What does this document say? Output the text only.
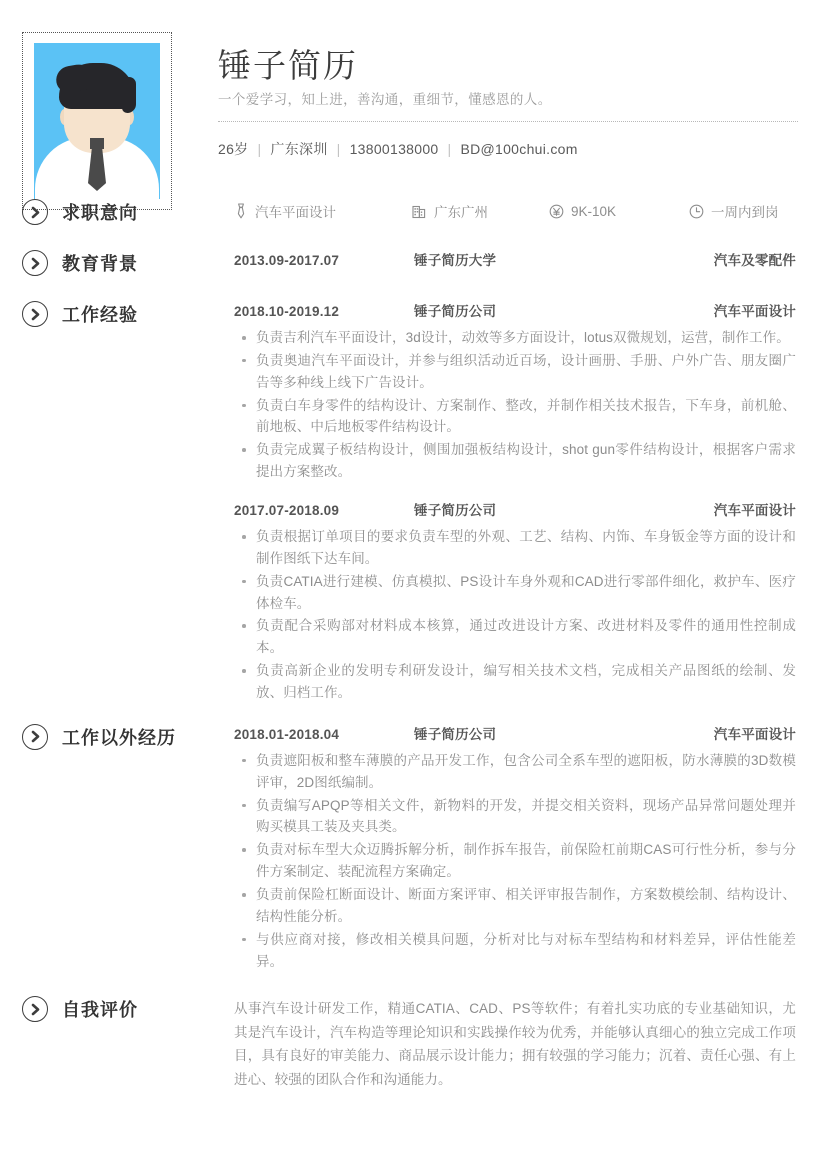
锤子简历

一个爱学习，知上进，善沟通，重细节，懂感恩的人。

26岁 | 广东深圳 | 13800138000 | BD@100chui.com
求职意向	汽车平面设计	广东广州	9K-10K	一周内到岗
教育背景	2013.09-2017.07	锤子简历大学	汽车及零配件
工作经验	2018.10-2019.12	锤子简历公司	汽车平面设计
负责吉利汽车平面设计，3d设计，动效等多方面设计，lotus双微规划，运营，制作工作。
负责奥迪汽车平面设计，并参与组织活动近百场，设计画册、手册、户外广告、朋友圈广告等多种线上线下广告设计。
负责白车身零件的结构设计、方案制作、整改，并制作相关技术报告，下车身，前机舱、前地板、中后地板零件结构设计。
负责完成翼子板结构设计，侧围加强板结构设计，shot gun零件结构设计，根据客户需求提出方案整改。
2017.07-2018.09	锤子简历公司	汽车平面设计
负责根据订单项目的要求负责车型的外观、工艺、结构、内饰、车身钣金等方面的设计和制作图纸下达车间。
负责CATIA进行建模、仿真模拟、PS设计车身外观和CAD进行零部件细化，救护车、医疗体检车。
负责配合采购部对材料成本核算，通过改进设计方案、改进材料及零件的通用性控制成本。
负责高新企业的发明专利研发设计，编写相关技术文档，完成相关产品图纸的绘制、发放、归档工作。
工作以外经历	2018.01-2018.04	锤子简历公司	汽车平面设计
负责遮阳板和整车薄膜的产品开发工作，包含公司全系车型的遮阳板，防水薄膜的3D数模评审，2D图纸编制。
负责编写APQP等相关文件，新物料的开发，并提交相关资料，现场产品异常问题处理并购买模具工装及夹具类。
负责对标车型大众迈腾拆解分析，制作拆车报告，前保险杠前期CAS可行性分析，参与分件方案制定、装配流程方案确定。
负责前保险杠断面设计、断面方案评审、相关评审报告制作，方案数模绘制、结构设计、结构性能分析。
与供应商对接，修改相关模具问题，分析对比与对标车型结构和材料差异，评估性能差异。
自我评价	从事汽车设计研发工作，精通CATIA、CAD、PS等软件；有着扎实功底的专业基础知识，尤其是汽车设计，汽车构造等理论知识和实践操作较为优秀，并能够认真细心的独立完成工作项目，具有良好的审美能力、商品展示设计能力；拥有较强的学习能力；沉着、责任心强、有上进心、较强的团队合作和沟通能力。
